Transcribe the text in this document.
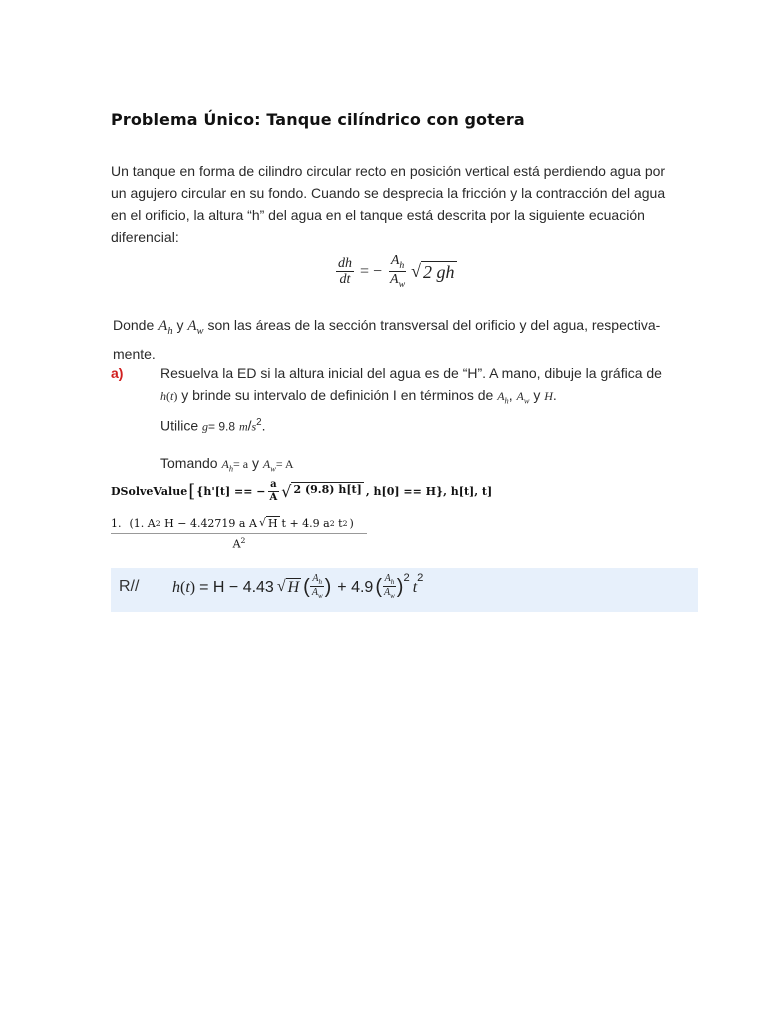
Problema Único: Tanque cilíndrico con gotera
Un tanque en forma de cilindro circular recto en posición vertical está perdiendo agua por
un agujero circular en su fondo. Cuando se desprecia la fricción y la contracción del agua
en el orificio, la altura “h” del agua en el tanque está descrita por la siguiente ecuación
diferencial:
$\frac{dh}{dt}$ = − $\frac{A_h}{A_w}$
√ 2 gh
Donde $A_h$ y $A_w$ son las áreas de la sección transversal del orificio y del agua, respectiva-
mente.
a)	Resuelva la ED si la altura inicial del agua es de “H”. A mano, dibuje la gráfica de
h(t) y brinde su intervalo de definición I en términos de $A_h$, $A_w$ y H.
Utilice g= 9.8 $m/s^2$.
Tomando $A_h= a$ y $A_w= A$
DSolveValue [ {h'[t] == − $\frac{a}{A}$ √ 2 (9.8) h[t] , h[0] == H}, h[t], t]
1. (1. A 2
H − 4.42719 a A √ H t + 4.9 a 2
t 2 )
$A^2$
R// h(t) = H − 4.43 √ H ( $\frac{A_h}{A_w}$ ) + 4.9 ( $\frac{A_h}{A_w} )^2$
t
$^2$
